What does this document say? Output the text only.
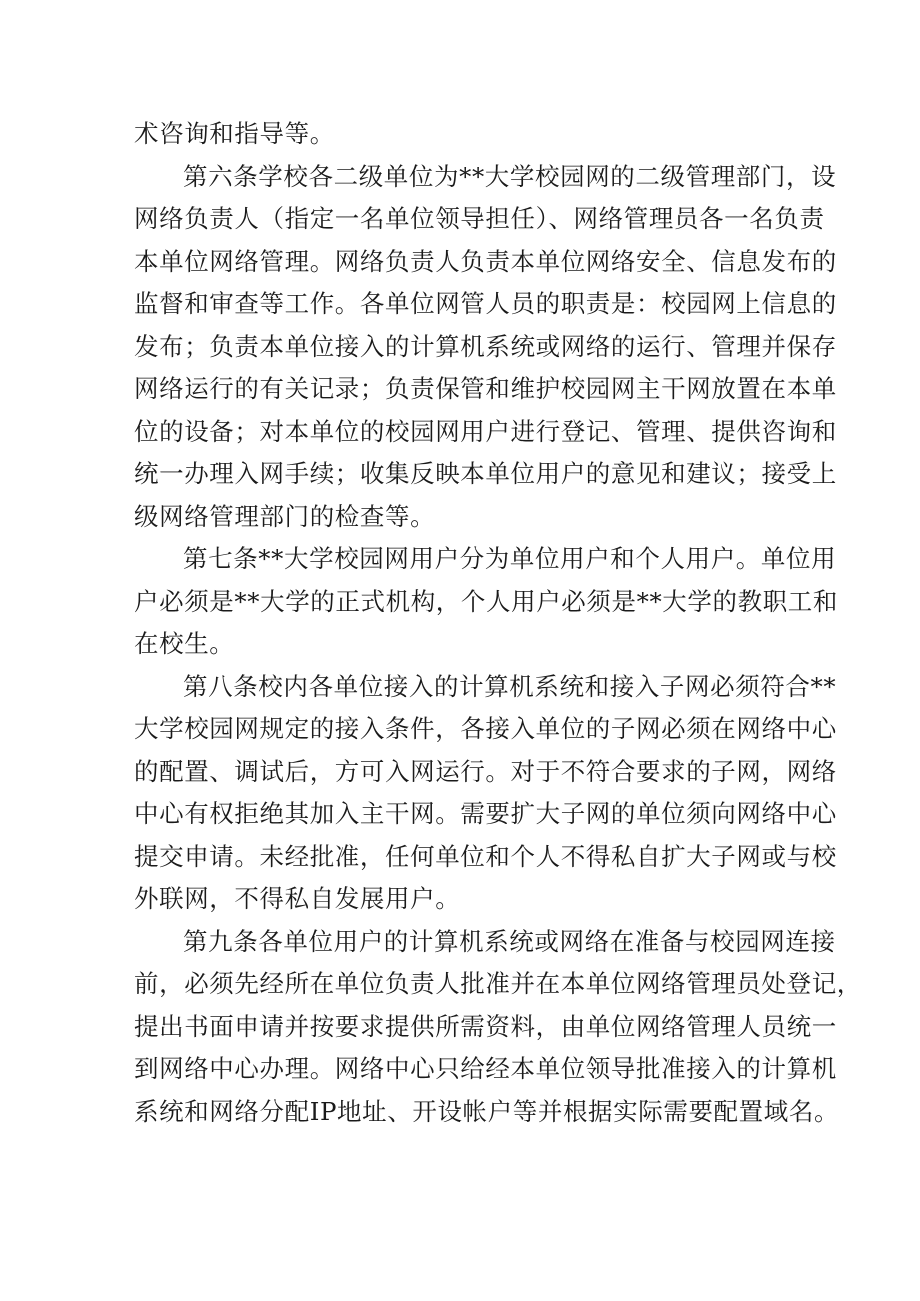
术咨询和指导等。
第六条学校各二级单位为**大学校园网的二级管理部门，设
网络负责人（指定一名单位领导担任）、网络管理员各一名负责
本单位网络管理。网络负责人负责本单位网络安全、信息发布的
监督和审查等工作。各单位网管人员的职责是：校园网上信息的
发布；负责本单位接入的计算机系统或网络的运行、管理并保存
网络运行的有关记录；负责保管和维护校园网主干网放置在本单
位的设备；对本单位的校园网用户进行登记、管理、提供咨询和
统一办理入网手续；收集反映本单位用户的意见和建议；接受上
级网络管理部门的检查等。
第七条**大学校园网用户分为单位用户和个人用户。单位用
户必须是**大学的正式机构，个人用户必须是**大学的教职工和
在校生。
第八条校内各单位接入的计算机系统和接入子网必须符合**
大学校园网规定的接入条件，各接入单位的子网必须在网络中心
的配置、调试后，方可入网运行。对于不符合要求的子网，网络
中心有权拒绝其加入主干网。需要扩大子网的单位须向网络中心
提交申请。未经批准，任何单位和个人不得私自扩大子网或与校
外联网，不得私自发展用户。
第九条各单位用户的计算机系统或网络在准备与校园网连接
前，必须先经所在单位负责人批准并在本单位网络管理员处登记，
提出书面申请并按要求提供所需资料，由单位网络管理人员统一
到网络中心办理。网络中心只给经本单位领导批准接入的计算机
系统和网络分配IP地址、开设帐户等并根据实际需要配置域名。
